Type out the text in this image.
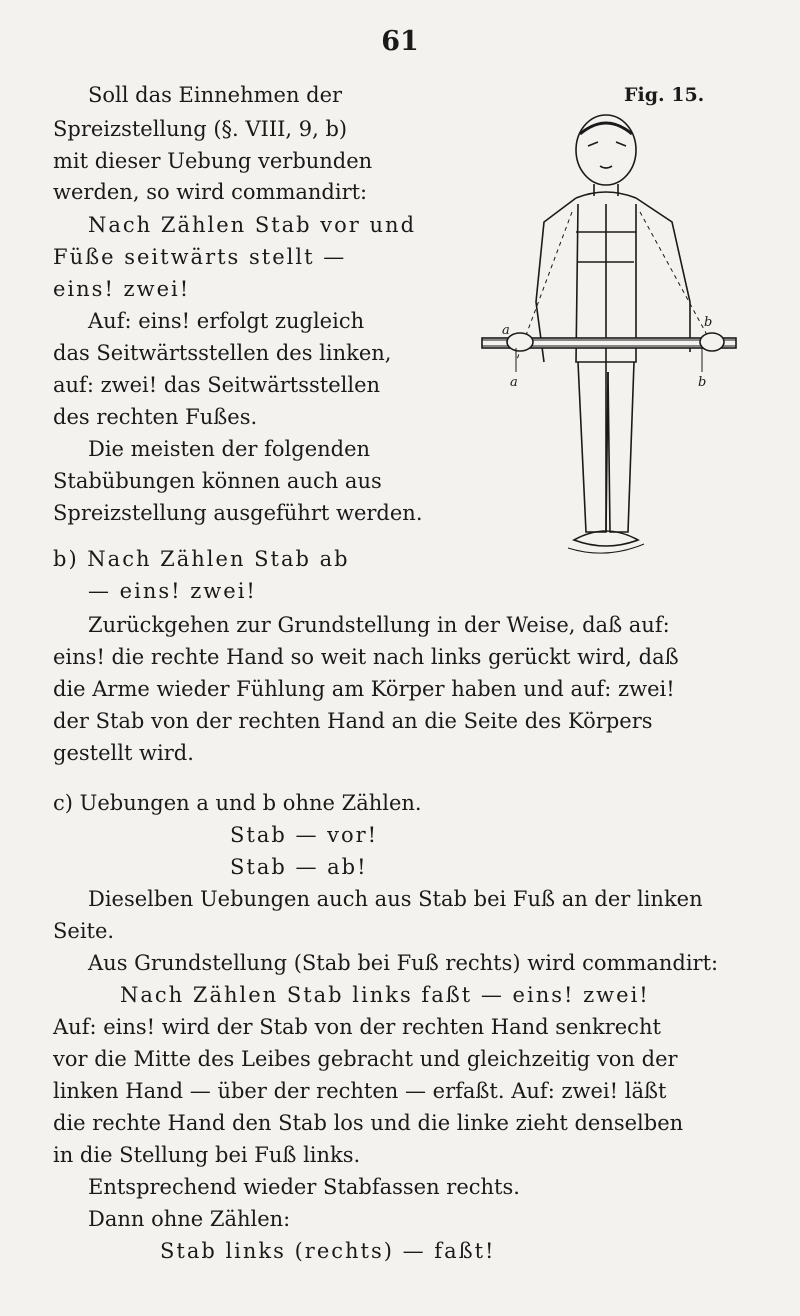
61
Fig. 15.
a
b
a	b
Soll das Einnehmen der
Spreizstellung (§. VIII, 9, b)
mit dieser Uebung verbunden
werden, so wird commandirt:
Nach Zählen Stab vor und
Füße seitwärts stellt —
eins! zwei!
Auf: eins! erfolgt zugleich
das Seitwärtsstellen des linken,
auf: zwei! das Seitwärtsstellen
des rechten Fußes.
Die meisten der folgenden
Stabübungen können auch aus
Spreizstellung ausgeführt werden.
b) Nach Zählen Stab ab
— eins! zwei!
Zurückgehen zur Grundstellung in der Weise, daß auf:
eins! die rechte Hand so weit nach links gerückt wird, daß
die Arme wieder Fühlung am Körper haben und auf: zwei!
der Stab von der rechten Hand an die Seite des Körpers
gestellt wird.
c) Uebungen a und b ohne Zählen.
Stab — vor!
Stab — ab!
Dieselben Uebungen auch aus Stab bei Fuß an der linken
Seite.
Aus Grundstellung (Stab bei Fuß rechts) wird commandirt:
Nach Zählen Stab links faßt — eins! zwei!
Auf: eins! wird der Stab von der rechten Hand senkrecht
vor die Mitte des Leibes gebracht und gleichzeitig von der
linken Hand — über der rechten — erfaßt. Auf: zwei! läßt
die rechte Hand den Stab los und die linke zieht denselben
in die Stellung bei Fuß links.
Entsprechend wieder Stabfassen rechts.
Dann ohne Zählen:
Stab links (rechts) — faßt!
